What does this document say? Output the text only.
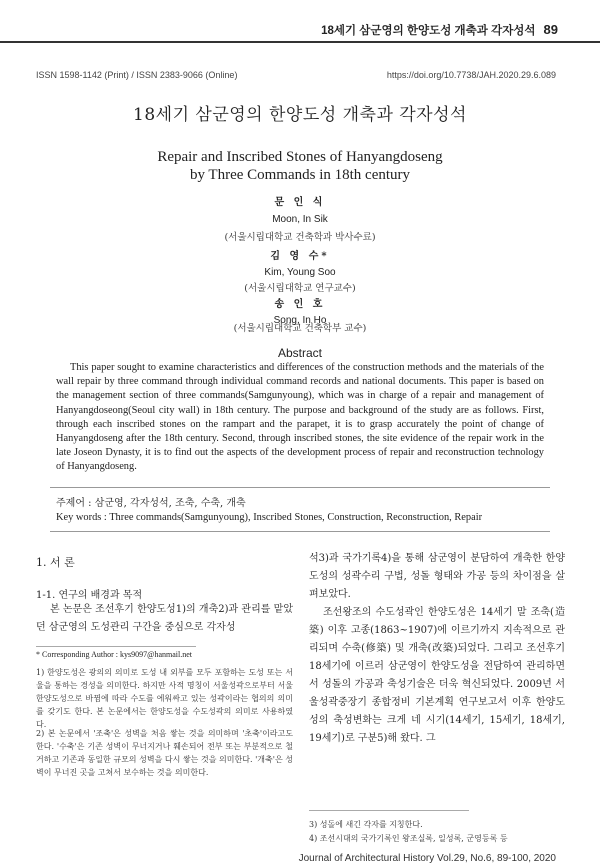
18세기 삼군영의 한양도성 개축과 각자성석 89
ISSN 1598-1142 (Print) / ISSN 2383-9066 (Online)	https://doi.org/10.7738/JAH.2020.29.6.089
18세기 삼군영의 한양도성 개축과 각자성석
Repair and Inscribed Stones of Hanyangdoseng
by Three Commands in 18th century
문 인 식
Moon, In Sik
(서울시립대학교 건축학과 박사수료)
김 영 수*
Kim, Young Soo
(서울시립대학교 연구교수)
송 인 호
Song, In Ho
(서울시립대학교 건축학부 교수)
Abstract
This paper sought to examine characteristics and differences of the construction methods and the materials of the wall repair by three command through individual command records and national documents. This paper is based on the management section of three commands(Samgunyoung), which was in charge of a repair and management of Hanyangdoseong(Seoul city wall) in 18th century. The purpose and background of the study are as follows. First, through each inscribed stones on the rampart and the parapet, it is to grasp accurately the point of change of Hanyangdoseng after the 18th century. Second, through inscribed stones, the site evidence of the repair work in the late Joseon Dynasty, it is to find out the aspects of the development process of repair and reconstruction technology of Hanyangdoseng.
주제어 : 삼군영, 각자성석, 조축, 수축, 개축
Key words : Three commands(Samgunyoung), Inscribed Stones, Construction, Reconstruction, Repair
1. 서 론
1-1. 연구의 배경과 목적
본 논문은 조선후기 한양도성1)의 개축2)과 관리를 맡았던 삼군영의 도성관리 구간을 중심으로 각자성
* Corresponding Author : kys9097@hanmail.net
1) 한양도성은 광의의 의미로 도성 내 외부를 모두 포함하는 도성 또는 서울을 통하는 경성을 의미한다. 하지만 사적 명칭이 서울성곽으로부터 서울 한양도성으로 바뀜에 따라 수도를 에워싸고 있는 성곽이라는 협의의 의미를 갖기도 한다. 본 논문에서는 한양도성을 수도성곽의 의미로 사용하였다.
2) 본 논문에서 '조축'은 성벽을 처음 쌓는 것을 의미하며 '초축'이라고도 한다. '수축'은 기존 성벽이 무너지거나 훼손되어 전부 또는 부분적으로 철거하고 기존과 동일한 규모의 성벽을 다시 쌓는 것을 의미한다. '개축'은 성벽이 무너진 곳을 고쳐서 보수하는 것을 의미한다.

석3)과 국가기록4)을 통해 삼군영이 분담하여 개축한 한양도성의 성곽수리 구법, 성돌 형태와 가공 등의 차이점을 살펴보았다.

조선왕조의 수도성곽인 한양도성은 14세기 말 조축(造築) 이후 고종(1863~1907)에 이르기까지 지속적으로 관리되며 수축(修築) 및 개축(改築)되었다. 그리고 조선후기 18세기에 이르러 삼군영이 한양도성을 전담하여 관리하면서 성돌의 가공과 축성기술은 더욱 혁신되었다. 2009년 서울성곽중장기 종합정비 기본계획 연구보고서 이후 한양도성의 축성변화는 크게 네 시기(14세기, 15세기, 18세기, 19세기)로 구분5)해 왔다. 그

3) 성돌에 새긴 각자를 지칭한다.
4) 조선시대의 국가기록인 왕조실록, 일성록, 군영등록 등
Journal of Architectural History Vol.29, No.6, 89-100, 2020
